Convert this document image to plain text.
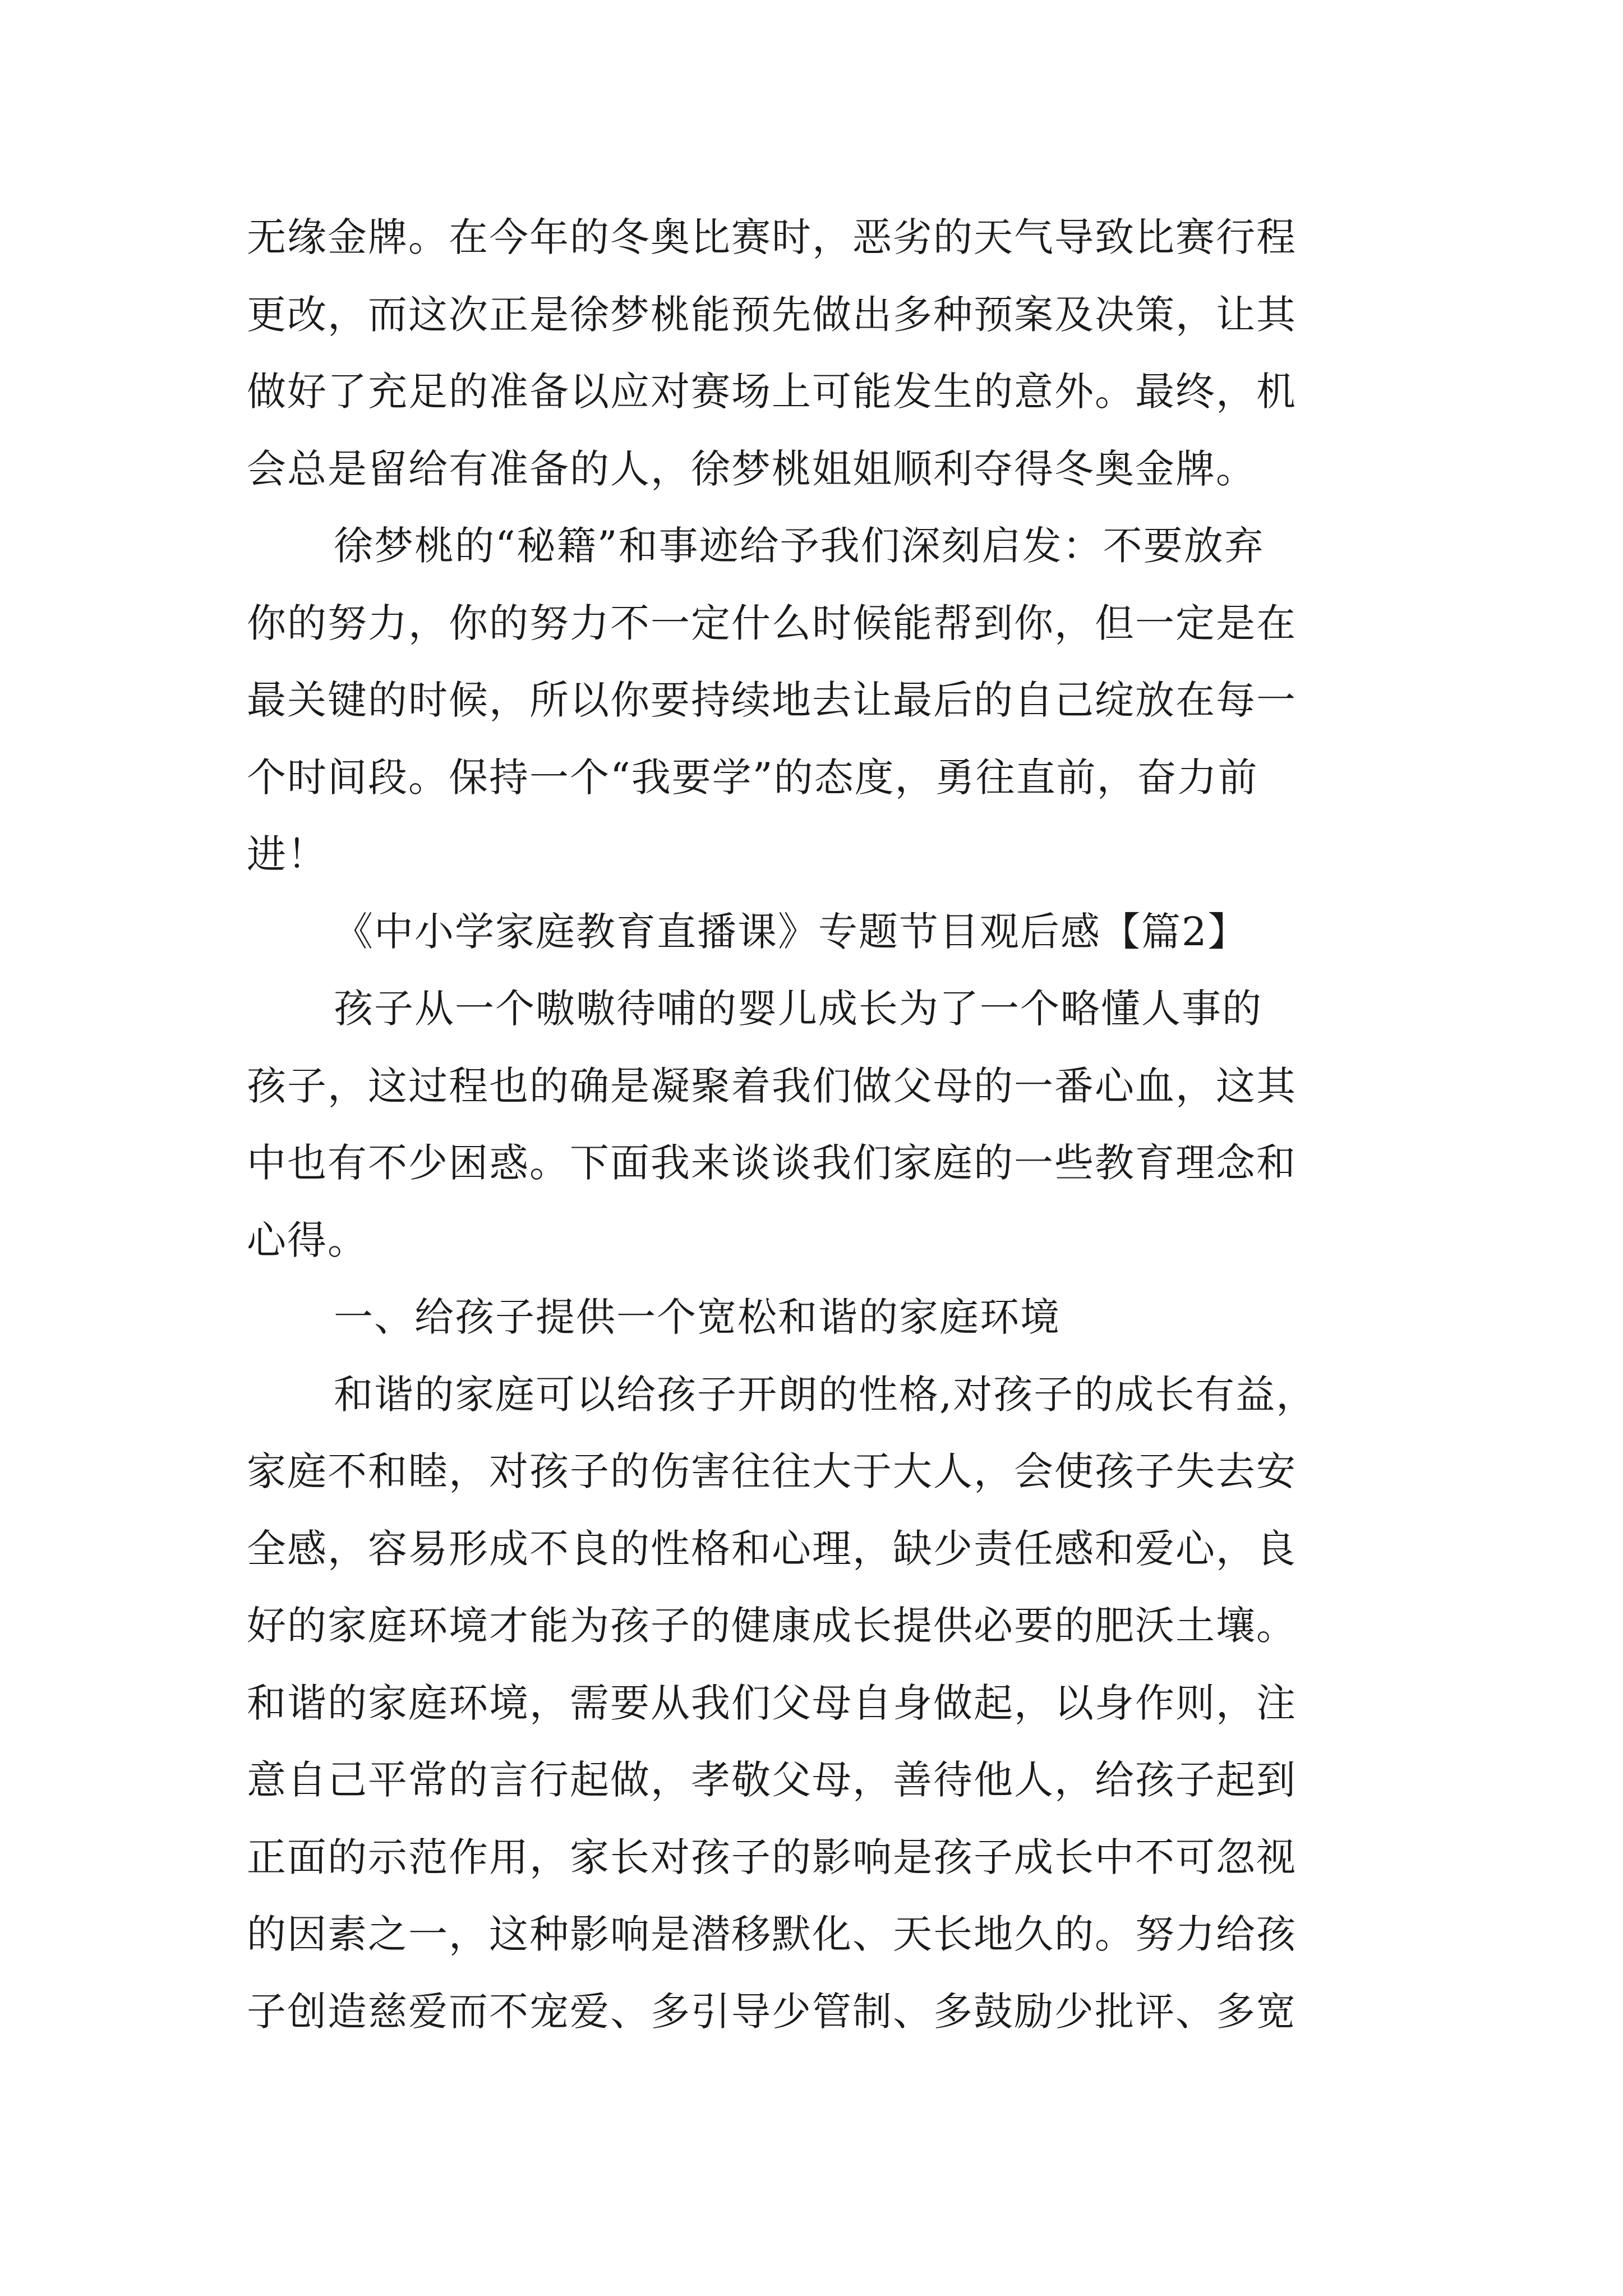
无缘金牌。在今年的冬奥比赛时，恶劣的天气导致比赛行程
更改，而这次正是徐梦桃能预先做出多种预案及决策，让其
做好了充足的准备以应对赛场上可能发生的意外。最终，机
会总是留给有准备的人，徐梦桃姐姐顺利夺得冬奥金牌。
徐梦桃的“秘籍”和事迹给予我们深刻启发：不要放弃
你的努力，你的努力不一定什么时候能帮到你，但一定是在
最关键的时候，所以你要持续地去让最后的自己绽放在每一
个时间段。保持一个“我要学”的态度，勇往直前，奋力前
进！
《中小学家庭教育直播课》专题节目观后感【篇2】
孩子从一个嗷嗷待哺的婴儿成长为了一个略懂人事的
孩子，这过程也的确是凝聚着我们做父母的一番心血，这其
中也有不少困惑。下面我来谈谈我们家庭的一些教育理念和
心得。
一、给孩子提供一个宽松和谐的家庭环境
和谐的家庭可以给孩子开朗的性格,对孩子的成长有益，
家庭不和睦，对孩子的伤害往往大于大人，会使孩子失去安
全感，容易形成不良的性格和心理，缺少责任感和爱心，良
好的家庭环境才能为孩子的健康成长提供必要的肥沃土壤。
和谐的家庭环境，需要从我们父母自身做起，以身作则，注
意自己平常的言行起做，孝敬父母，善待他人，给孩子起到
正面的示范作用，家长对孩子的影响是孩子成长中不可忽视
的因素之一，这种影响是潜移默化、天长地久的。努力给孩
子创造慈爱而不宠爱、多引导少管制、多鼓励少批评、多宽
